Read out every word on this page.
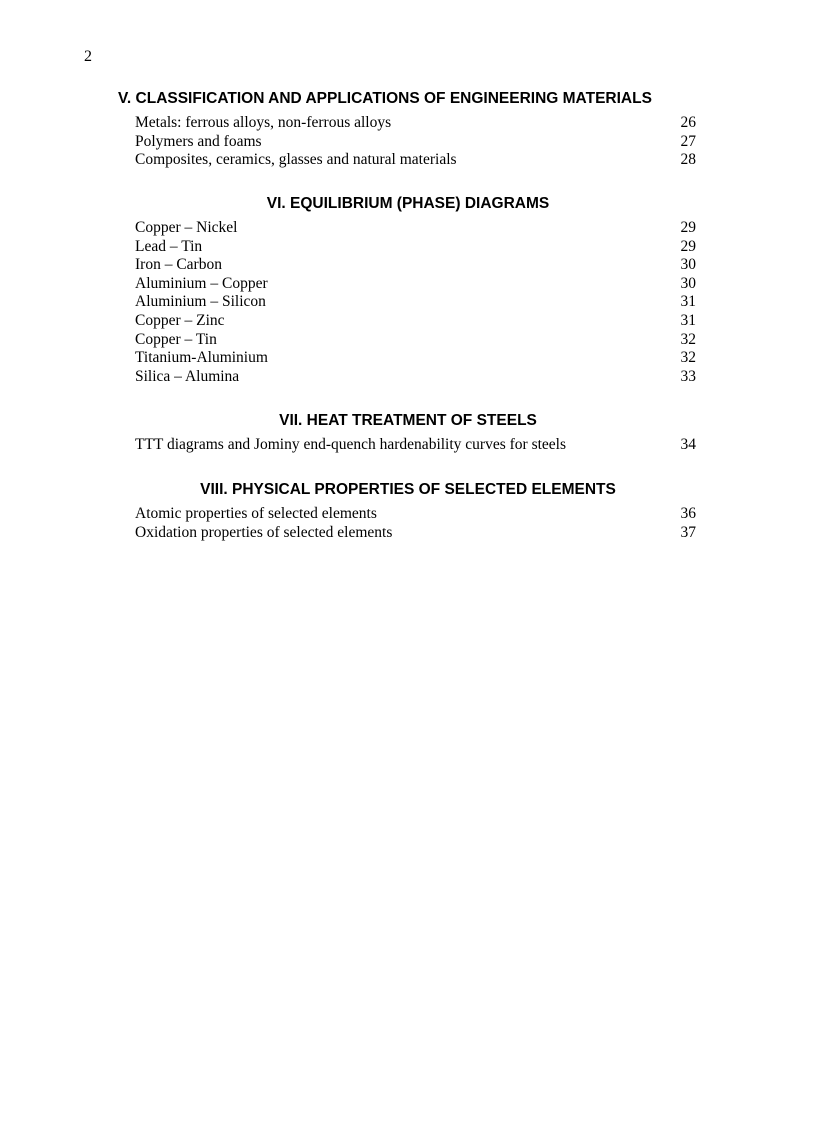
2
V. CLASSIFICATION AND APPLICATIONS OF ENGINEERING MATERIALS
Metals: ferrous alloys, non-ferrous alloys	26
Polymers and foams	27
Composites, ceramics, glasses and natural materials	28
VI. EQUILIBRIUM (PHASE) DIAGRAMS
Copper – Nickel	29
Lead – Tin	29
Iron – Carbon	30
Aluminium – Copper	30
Aluminium – Silicon	31
Copper – Zinc	31
Copper – Tin	32
Titanium-Aluminium	32
Silica – Alumina	33
VII. HEAT TREATMENT OF STEELS
TTT diagrams and Jominy end-quench hardenability curves for steels	34
VIII. PHYSICAL PROPERTIES OF SELECTED ELEMENTS
Atomic properties of selected elements	36
Oxidation properties of selected elements	37
